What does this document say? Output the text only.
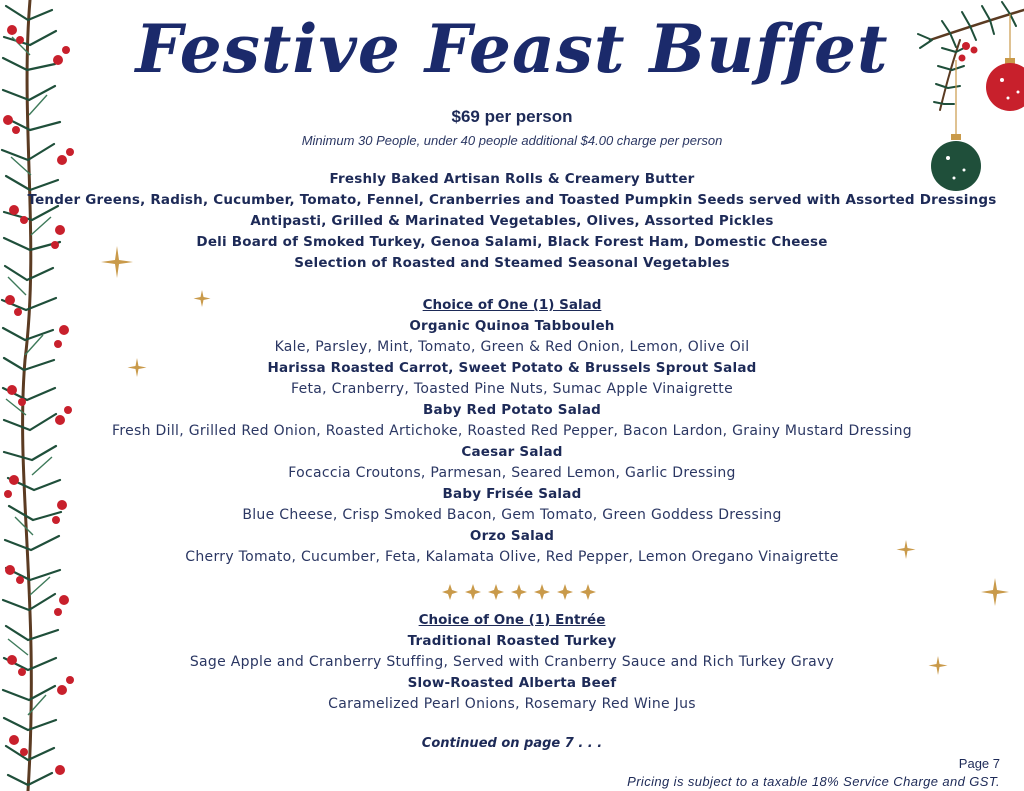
Festive Feast Buffet
$69 per person
Minimum 30 People, under 40 people additional $4.00 charge per person
Freshly Baked Artisan Rolls & Creamery Butter
Tender Greens, Radish, Cucumber, Tomato, Fennel, Cranberries and Toasted Pumpkin Seeds served with Assorted Dressings
Antipasti, Grilled & Marinated Vegetables, Olives, Assorted Pickles
Deli Board of Smoked Turkey, Genoa Salami, Black Forest Ham, Domestic Cheese
Selection of Roasted and Steamed Seasonal Vegetables
Choice of One (1) Salad
Organic Quinoa Tabbouleh
Kale, Parsley, Mint, Tomato, Green & Red Onion, Lemon, Olive Oil
Harissa Roasted Carrot, Sweet Potato & Brussels Sprout Salad
Feta, Cranberry, Toasted Pine Nuts, Sumac Apple Vinaigrette
Baby Red Potato Salad
Fresh Dill, Grilled Red Onion, Roasted Artichoke, Roasted Red Pepper, Bacon Lardon, Grainy Mustard Dressing
Caesar Salad
Focaccia Croutons, Parmesan, Seared Lemon, Garlic Dressing
Baby Frisée Salad
Blue Cheese, Crisp Smoked Bacon, Gem Tomato, Green Goddess Dressing
Orzo Salad
Cherry Tomato, Cucumber, Feta, Kalamata Olive, Red Pepper, Lemon Oregano Vinaigrette
Choice of One (1) Entrée
Traditional Roasted Turkey
Sage Apple and Cranberry Stuffing, Served with Cranberry Sauce and Rich Turkey Gravy
Slow-Roasted Alberta Beef
Caramelized Pearl Onions, Rosemary Red Wine Jus
Continued on page 7 . . .
Page 7
Pricing is subject to a taxable 18% Service Charge and GST.
